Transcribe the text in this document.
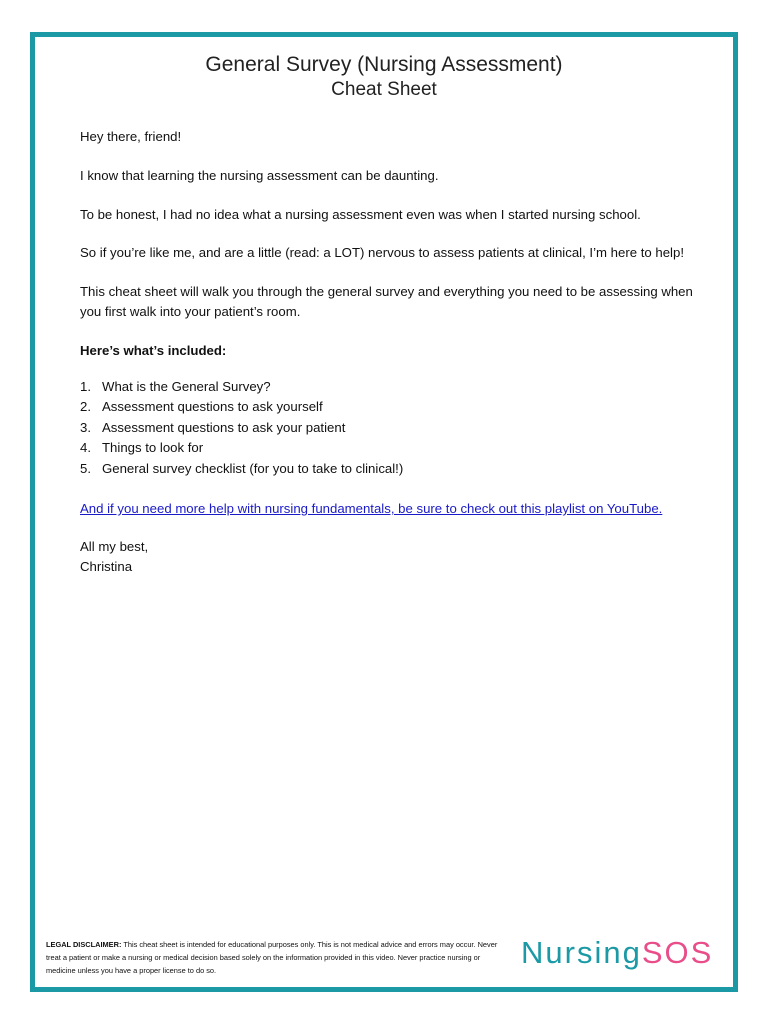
General Survey (Nursing Assessment)
Cheat Sheet

Hey there, friend!

I know that learning the nursing assessment can be daunting.

To be honest, I had no idea what a nursing assessment even was when I started nursing school.

So if you’re like me, and are a little (read: a LOT) nervous to assess patients at clinical, I’m here to help!

This cheat sheet will walk you through the general survey and everything you need to be assessing when you first walk into your patient’s room.

Here’s what’s included:

1. What is the General Survey?
2. Assessment questions to ask yourself
3. Assessment questions to ask your patient
4. Things to look for
5. General survey checklist (for you to take to clinical!)
And if you need more help with nursing fundamentals, be sure to check out this playlist on YouTube.

All my best,

Christina

LEGAL DISCLAIMER: This cheat sheet is intended for educational purposes only. This is not medical advice and errors may occur. Never treat a patient or make a nursing or medical decision based solely on the information provided in this video. Never practice nursing or medicine unless you have a proper license to do so.
NursingSOS
